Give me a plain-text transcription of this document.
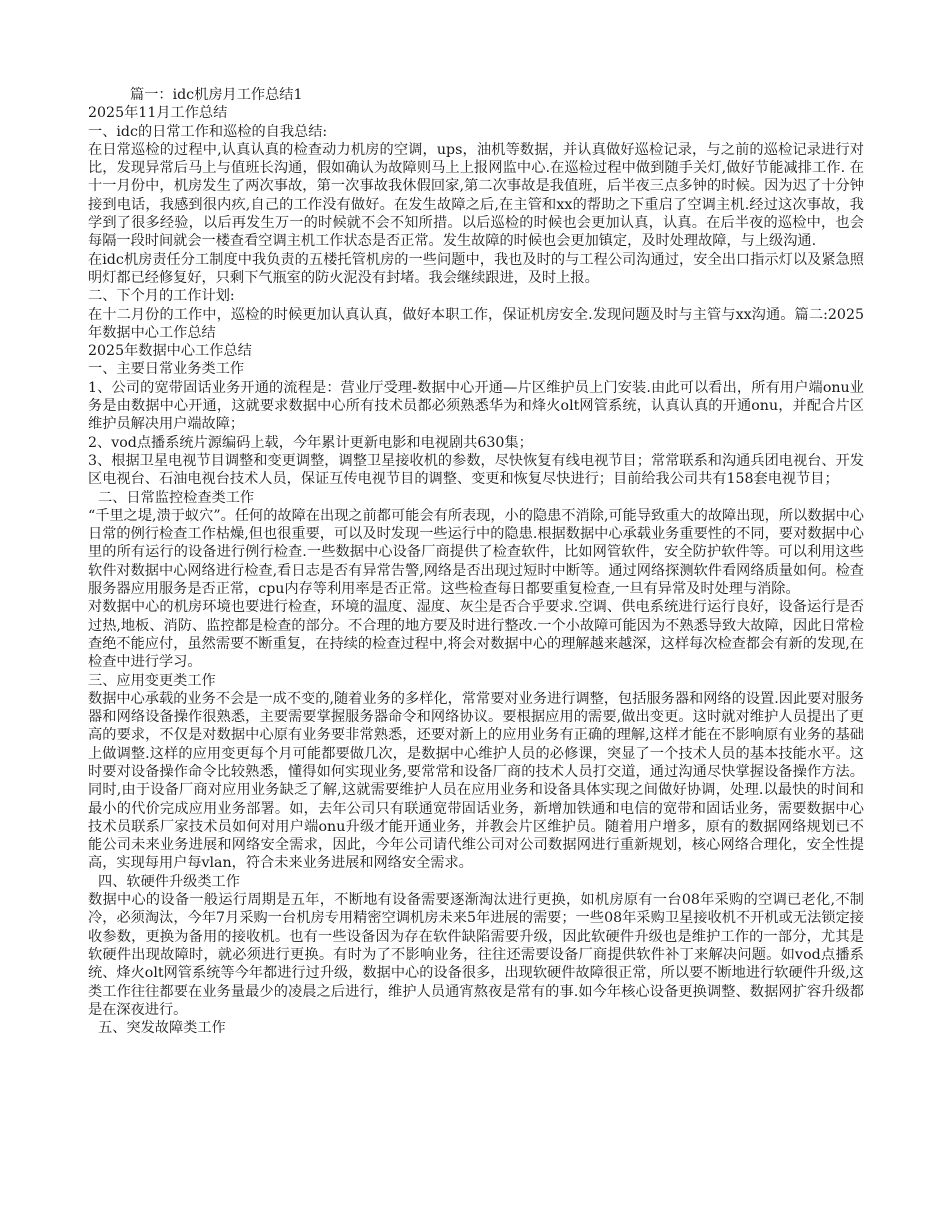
篇一：idc机房月工作总结1

2025年11月工作总结

一、idc的日常工作和巡检的自我总结:

在日常巡检的过程中,认真认真的检查动力机房的空调，ups，油机等数据，并认真做好巡检记录，与之前的巡检记录进行对比，发现异常后马上与值班长沟通，假如确认为故障则马上上报网监中心.在巡检过程中做到随手关灯,做好节能减排工作. 在十一月份中，机房发生了两次事故，第一次事故我休假回家,第二次事故是我值班，后半夜三点多钟的时候。因为迟了十分钟接到电话，我感到很内疚,自己的工作没有做好。在发生故障之后,在主管和xx的帮助之下重启了空调主机.经过这次事故，我学到了很多经验，以后再发生万一的时候就不会不知所措。以后巡检的时候也会更加认真，认真。在后半夜的巡检中，也会每隔一段时间就会一楼查看空调主机工作状态是否正常。发生故障的时候也会更加镇定，及时处理故障，与上级沟通.

在idc机房责任分工制度中我负责的五楼托管机房的一些问题中，我也及时的与工程公司沟通过，安全出口指示灯以及紧急照明灯都已经修复好，只剩下气瓶室的防火泥没有封堵。我会继续跟进，及时上报。

二、下个月的工作计划:

在十二月份的工作中，巡检的时候更加认真认真，做好本职工作，保证机房安全.发现问题及时与主管与xx沟通。篇二:2025年数据中心工作总结

2025年数据中心工作总结

一、主要日常业务类工作

1、公司的宽带固话业务开通的流程是：营业厅受理-数据中心开通—片区维护员上门安装.由此可以看出，所有用户端onu业务是由数据中心开通，这就要求数据中心所有技术员都必须熟悉华为和烽火olt网管系统，认真认真的开通onu，并配合片区维护员解决用户端故障；

2、vod点播系统片源编码上载，今年累计更新电影和电视剧共630集；

3、根据卫星电视节目调整和变更调整，调整卫星接收机的参数，尽快恢复有线电视节目；常常联系和沟通兵团电视台、开发区电视台、石油电视台技术人员，保证互传电视节目的调整、变更和恢复尽快进行；目前给我公司共有158套电视节目；

二、日常监控检查类工作

“千里之堤,溃于蚁穴”。任何的故障在出现之前都可能会有所表现，小的隐患不消除,可能导致重大的故障出现，所以数据中心日常的例行检查工作枯燥,但也很重要，可以及时发现一些运行中的隐患.根据数据中心承载业务重要性的不同，要对数据中心里的所有运行的设备进行例行检查.一些数据中心设备厂商提供了检查软件，比如网管软件，安全防护软件等。可以利用这些软件对数据中心网络进行检查,看日志是否有异常告警,网络是否出现过短时中断等。通过网络探测软件看网络质量如何。检查服务器应用服务是否正常，cpu内存等利用率是否正常。这些检查每日都要重复检查,一旦有异常及时处理与消除。

对数据中心的机房环境也要进行检查，环境的温度、湿度、灰尘是否合乎要求.空调、供电系统进行运行良好，设备运行是否过热,地板、消防、监控都是检查的部分。不合理的地方要及时进行整改.一个小故障可能因为不熟悉导致大故障，因此日常检查绝不能应付，虽然需要不断重复，在持续的检查过程中,将会对数据中心的理解越来越深，这样每次检查都会有新的发现,在检查中进行学习。

三、应用变更类工作

数据中心承载的业务不会是一成不变的,随着业务的多样化，常常要对业务进行调整，包括服务器和网络的设置.因此要对服务器和网络设备操作很熟悉，主要需要掌握服务器命令和网络协议。要根据应用的需要,做出变更。这时就对维护人员提出了更高的要求，不仅是对数据中心原有业务要非常熟悉，还要对新上的应用业务有正确的理解,这样才能在不影响原有业务的基础上做调整.这样的应用变更每个月可能都要做几次，是数据中心维护人员的必修课，突显了一个技术人员的基本技能水平。这时要对设备操作命令比较熟悉，懂得如何实现业务,要常常和设备厂商的技术人员打交道，通过沟通尽快掌握设备操作方法。同时,由于设备厂商对应用业务缺乏了解,这就需要维护人员在应用业务和设备具体实现之间做好协调，处理.以最快的时间和最小的代价完成应用业务部署。如，去年公司只有联通宽带固话业务，新增加铁通和电信的宽带和固话业务，需要数据中心技术员联系厂家技术员如何对用户端onu升级才能开通业务，并教会片区维护员。随着用户增多，原有的数据网络规划已不能公司未来业务进展和网络安全需求，因此，今年公司请代维公司对公司数据网进行重新规划，核心网络合理化，安全性提高，实现每用户每vlan，符合未来业务进展和网络安全需求。

四、软硬件升级类工作

数据中心的设备一般运行周期是五年，不断地有设备需要逐渐淘汰进行更换，如机房原有一台08年采购的空调已老化,不制冷，必须淘汰，今年7月采购一台机房专用精密空调机房未来5年进展的需要；一些08年采购卫星接收机不开机或无法锁定接收参数，更换为备用的接收机。也有一些设备因为存在软件缺陷需要升级，因此软硬件升级也是维护工作的一部分，尤其是软硬件出现故障时，就必须进行更换。有时为了不影响业务，往往还需要设备厂商提供软件补丁来解决问题。如vod点播系统、烽火olt网管系统等今年都进行过升级，数据中心的设备很多，出现软硬件故障很正常，所以要不断地进行软硬件升级,这类工作往往都要在业务量最少的凌晨之后进行，维护人员通宵熬夜是常有的事.如今年核心设备更换调整、数据网扩容升级都是在深夜进行。

五、突发故障类工作
